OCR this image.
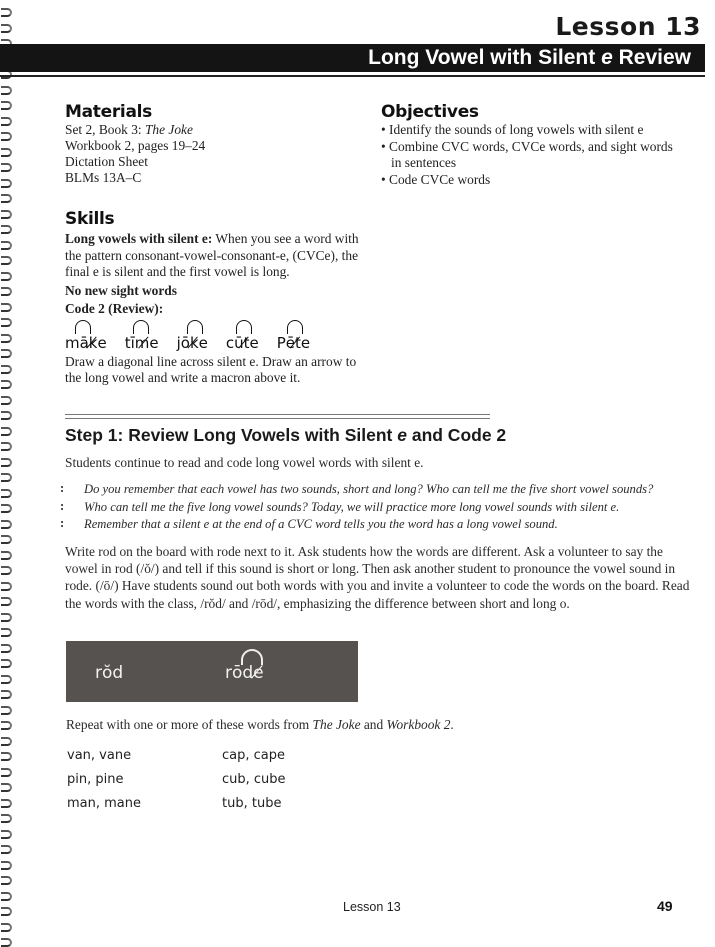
Lesson 13
Long Vowel with Silent e Review
Materials
Set 2, Book 3: The Joke
Workbook 2, pages 19–24
Dictation Sheet
BLMs 13A–C
Objectives
• Identify the sounds of long vowels with silent e
• Combine CVC words, CVCe words, and sight words in sentences
• Code CVCe words
Skills

Long vowels with silent e: When you see a word with the pattern consonant-vowel-consonant-e, (CVCe), the final e is silent and the first vowel is long.

No new sight words

Code 2 (Review):

māk̸e tīm̸e jōk̸e cūt̸e Pēt̸e

Draw a diagonal line across silent e. Draw an arrow to the long vowel and write a macron above it.

Step 1: Review Long Vowels with Silent e and Code 2
Students continue to read and code long vowel words with silent e.
: Do you remember that each vowel has two sounds, short and long? Who can tell me the five short vowel sounds?
: Who can tell me the five long vowel sounds? Today, we will practice more long vowel sounds with silent e.
: Remember that a silent e at the end of a CVC word tells you the word has a long vowel sound.
Write rod on the board with rode next to it. Ask students how the words are different. Ask a volunteer to say the vowel in rod (/ŏ/) and tell if this sound is short or long. Then ask another student to pronounce the vowel sound in rode. (/ō/) Have students sound out both words with you and invite a volunteer to code the words on the board. Read the words with the class, /rŏd/ and /rōd/, emphasizing the difference between short and long o.
rŏd	rōde̸
Repeat with one or more of these words from The Joke and Workbook 2.
van, vane	cap, cape
pin, pine	cub, cube
man, mane	tub, tube
Lesson 13	49
